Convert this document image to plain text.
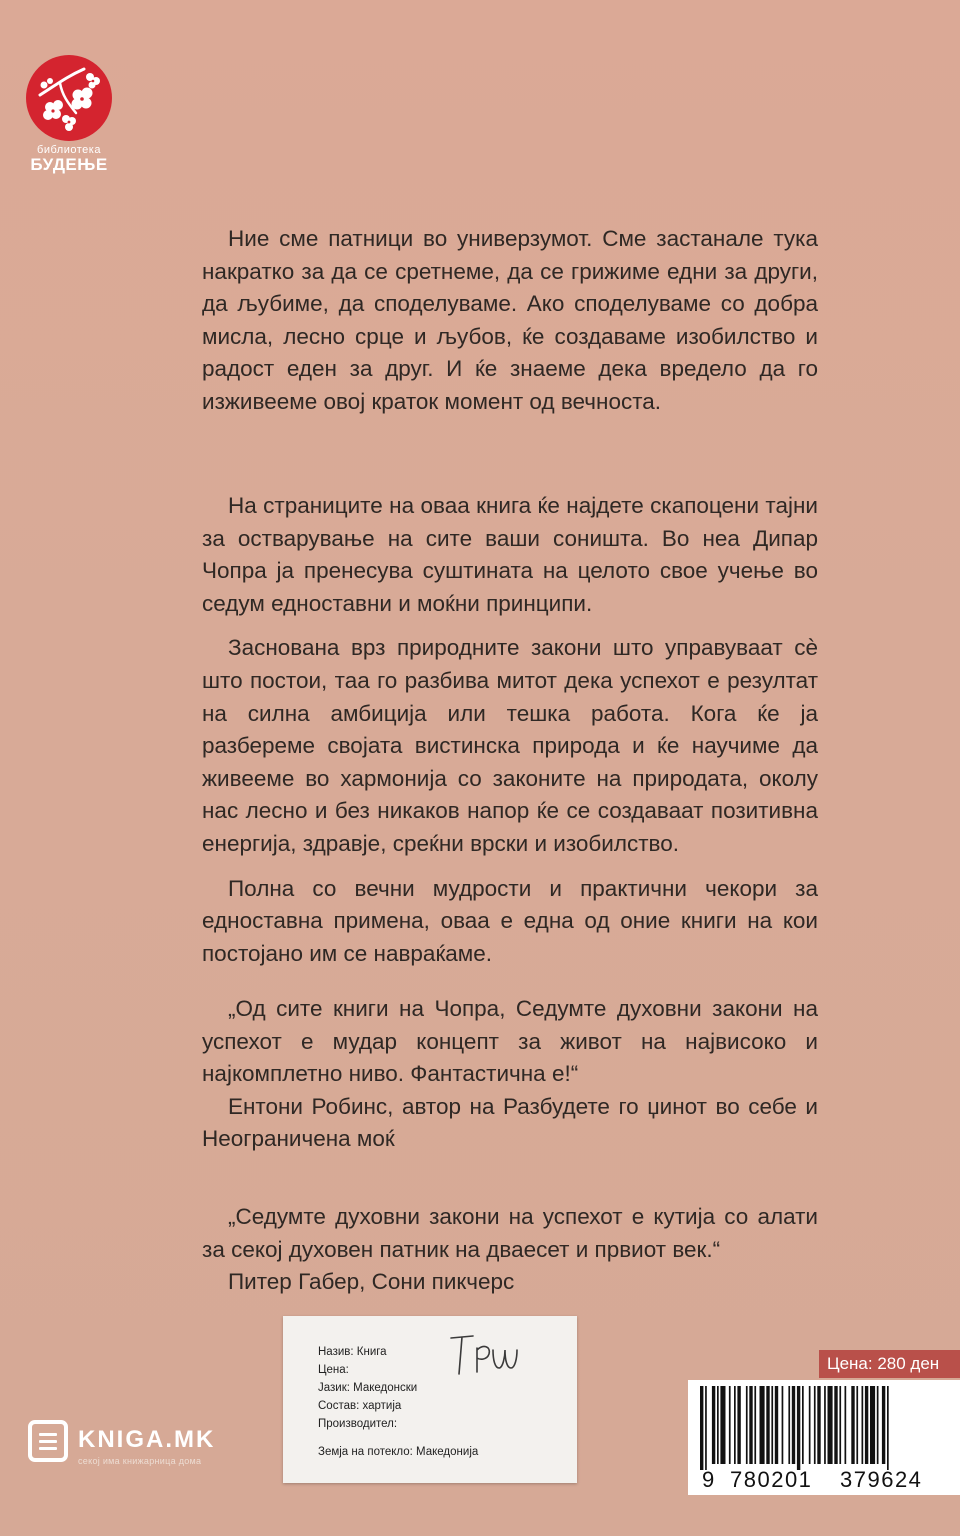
библиотека
БУДЕЊЕ

Ние сме патници во универзумот. Сме застанале тука накратко за да се сретнеме, да се грижиме едни за други, да љубиме, да споделуваме. Ако споделуваме со добра мисла, лесно срце и љубов, ќе создаваме изобилство и радост еден за друг. И ќе знаеме дека вредело да го изживееме овој краток момент од вечноста.

На страниците на оваа книга ќе најдете скапоцени тајни за остварување на сите ваши соништа. Во неа Дипар Чопра ја пренесува суштината на целото свое учење во седум едноставни и моќни принципи.

Заснована врз природните закони што управуваат сѐ што постои, таа го разбива митот дека успехот е резултат на силна амбиција или тешка работа. Кога ќе ја разбереме својата вистинска природа и ќе научиме да живееме во хармонија со законите на природата, околу нас лесно и без никаков напор ќе се создаваат позитивна енергија, здравје, среќни врски и изобилство.

Полна со вечни мудрости и практични чекори за едноставна примена, оваа е една од оние книги на кои постојано им се навраќаме.

„Од сите книги на Чопра, Седумте духовни закони на успехот е мудар концепт за живот на највисоко и најкомплетно ниво. Фантастична е!“

Ентони Робинс, автор на Разбудете го џинот во себе и Неограничена моќ

„Седумте духовни закони на успехот е кутија со алати за секој духовен патник на дваесет и првиот век.“

Питер Габер, Сони пикчерс

Назив: Книга
Цена:
Јазик: Македонски
Состав: хартија
Производител:
Земја на потекло: Македонија
KNIGA.MK
секој има книжарница дома
Цена: 280 ден
9 780201 379624
